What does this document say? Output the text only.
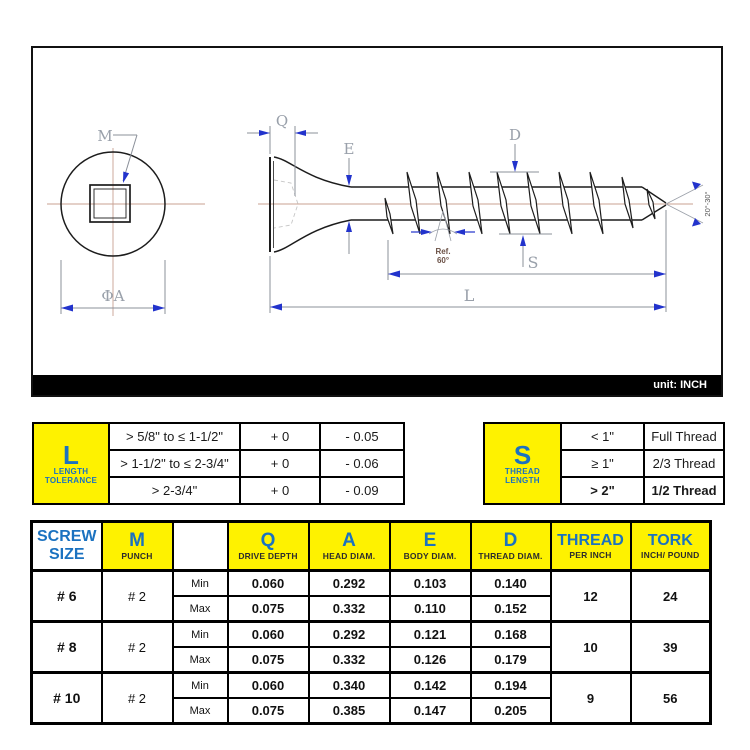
M
ΦA
Q
E
D
Ref.
60°	S
L
20°-30°
unit: INCH
L
LENGTH
TOLERANCE	> 5/8" to ≤ 1-1/2"	+ 0	- 0.05
	> 1-1/2" to ≤ 2-3/4"	+ 0	- 0.06
	> 2-3/4"	+ 0	- 0.09
S
THREAD
LENGTH	< 1"	Full Thread
	≥ 1"	2/3 Thread
	> 2"	1/2 Thread
SCREW
SIZE

M
PUNCH

Q
DRIVE DEPTH

A
HEAD DIAM.

E
BODY DIAM.

D
THREAD DIAM.

THREAD
PER INCH

TORK
INCH/ POUND

# 6	# 2	Min	0.060	0.292	0.103	0.140	12	24
		Max	0.075	0.332	0.110	0.152		
# 8	# 2	Min	0.060	0.292	0.121	0.168	10	39
		Max	0.075	0.332	0.126	0.179		
# 10	# 2	Min	0.060	0.340	0.142	0.194	9	56
		Max	0.075	0.385	0.147	0.205		
